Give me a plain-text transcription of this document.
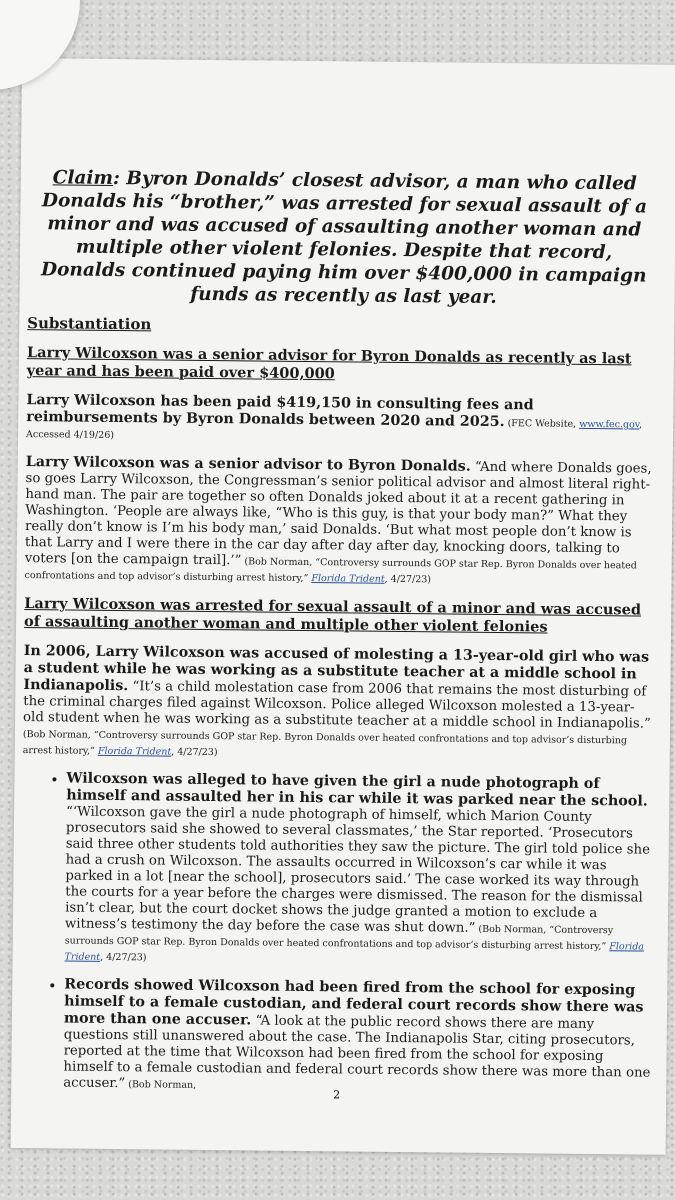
Claim: Byron Donalds’ closest advisor, a man who called Donalds his “brother,” was arrested for sexual assault of a minor and was accused of assaulting another woman and multiple other violent felonies. Despite that record, Donalds continued paying him over $400,000 in campaign funds as recently as last year.
Substantiation
Larry Wilcoxson was a senior advisor for Byron Donalds as recently as last year and has been paid over $400,000

Larry Wilcoxson has been paid $419,150 in consulting fees and reimbursements by Byron Donalds between 2020 and 2025. (FEC Website, www.fec.gov, Accessed 4/19/26)

Larry Wilcoxson was a senior advisor to Byron Donalds. “And where Donalds goes, so goes Larry Wilcoxson, the Congressman’s senior political advisor and almost literal right-hand man. The pair are together so often Donalds joked about it at a recent gathering in Washington. ‘People are always like, “Who is this guy, is that your body man?” What they really don’t know is I’m his body man,’ said Donalds. ‘But what most people don’t know is that Larry and I were there in the car day after day after day, knocking doors, talking to voters [on the campaign trail].’” (Bob Norman, “Controversy surrounds GOP star Rep. Byron Donalds over heated confrontations and top advisor’s disturbing arrest history,” Florida Trident, 4/27/23)

Larry Wilcoxson was arrested for sexual assault of a minor and was accused of assaulting another woman and multiple other violent felonies

In 2006, Larry Wilcoxson was accused of molesting a 13-year-old girl who was a student while he was working as a substitute teacher at a middle school in Indianapolis. “It’s a child molestation case from 2006 that remains the most disturbing of the criminal charges filed against Wilcoxson. Police alleged Wilcoxson molested a 13-year-old student when he was working as a substitute teacher at a middle school in Indianapolis.” (Bob Norman, “Controversy surrounds GOP star Rep. Byron Donalds over heated confrontations and top advisor’s disturbing arrest history,” Florida Trident, 4/27/23)

• Wilcoxson was alleged to have given the girl a nude photograph of himself and assaulted her in his car while it was parked near the school. “‘Wilcoxson gave the girl a nude photograph of himself, which Marion County prosecutors said she showed to several classmates,’ the Star reported. ‘Prosecutors said three other students told authorities they saw the picture. The girl told police she had a crush on Wilcoxson. The assaults occurred in Wilcoxson’s car while it was parked in a lot [near the school], prosecutors said.’ The case worked its way through the courts for a year before the charges were dismissed. The reason for the dismissal isn’t clear, but the court docket shows the judge granted a motion to exclude a witness’s testimony the day before the case was shut down.” (Bob Norman, “Controversy surrounds GOP star Rep. Byron Donalds over heated confrontations and top advisor’s disturbing arrest history,” Florida Trident, 4/27/23)
• Records showed Wilcoxson had been fired from the school for exposing himself to a female custodian, and federal court records show there was more than one accuser. “A look at the public record shows there are many questions still unanswered about the case. The Indianapolis Star, citing prosecutors, reported at the time that Wilcoxson had been fired from the school for exposing himself to a female custodian and federal court records show there was more than one accuser.” (Bob Norman,
2
